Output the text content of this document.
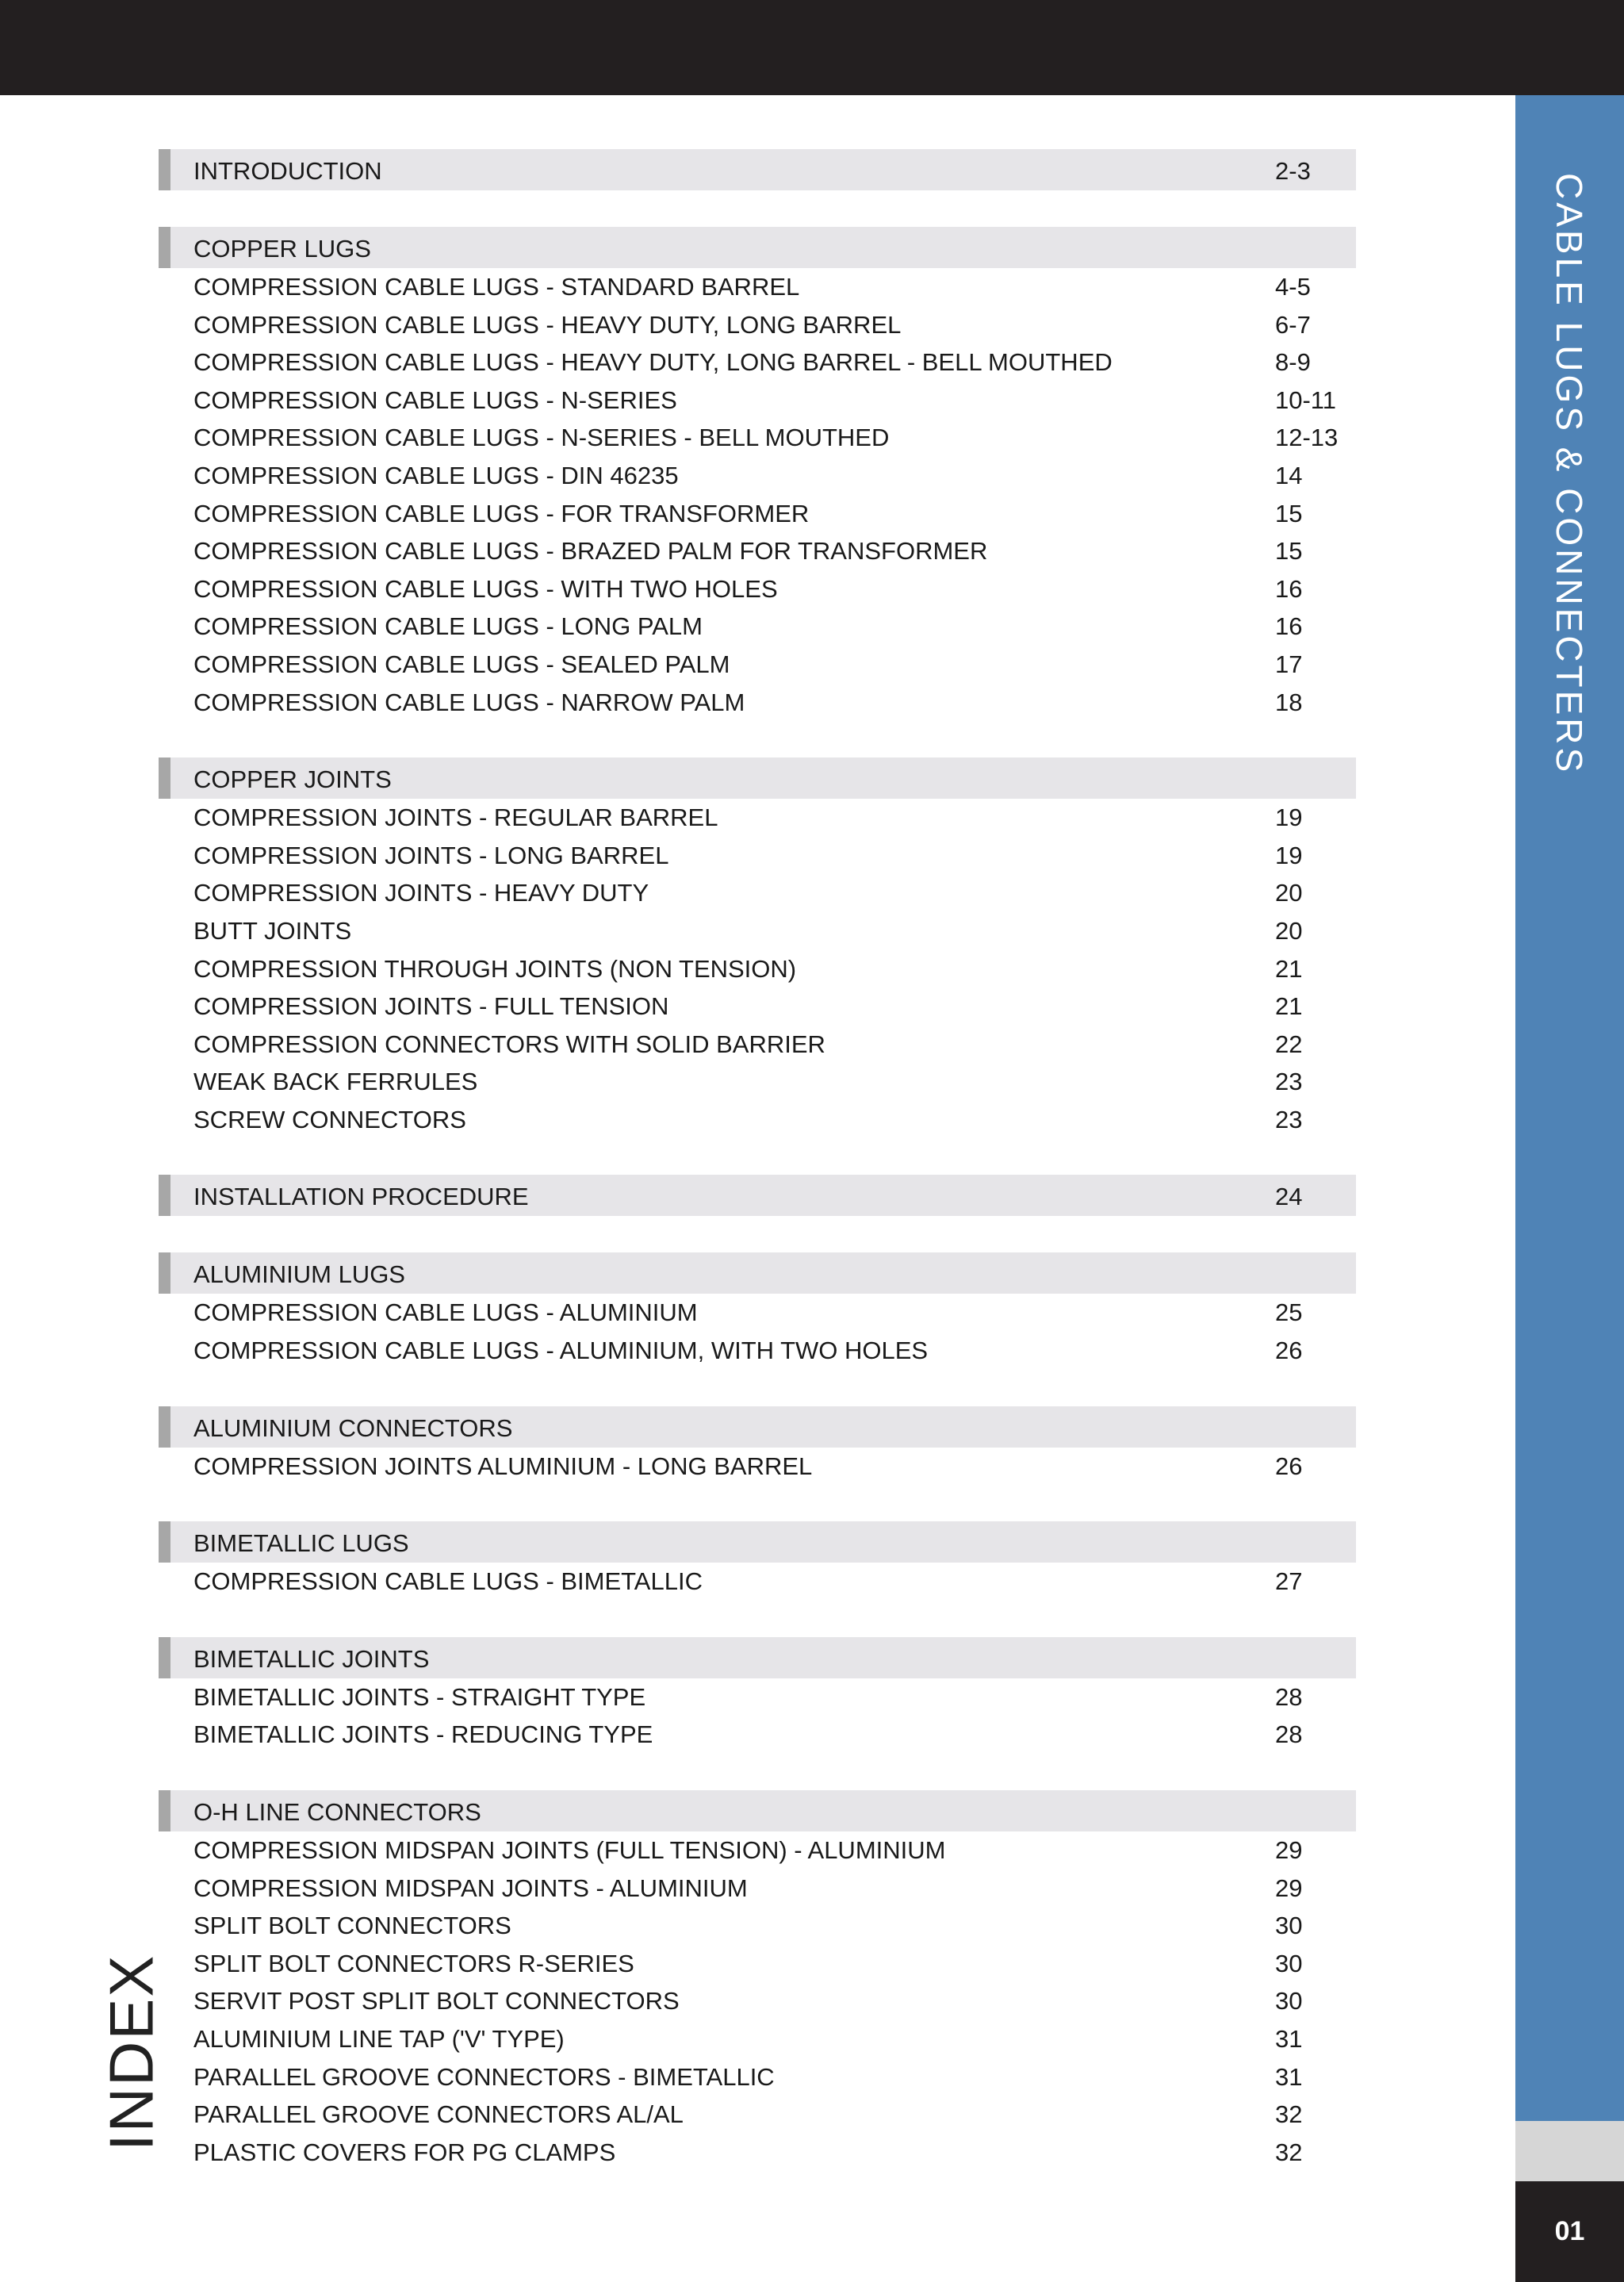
CABLE LUGS & CONNECTERS
01
INDEX
INTRODUCTION	2-3
COPPER LUGS
COMPRESSION CABLE LUGS - STANDARD BARREL	4-5
COMPRESSION CABLE LUGS - HEAVY DUTY, LONG BARREL	6-7
COMPRESSION CABLE LUGS - HEAVY DUTY, LONG BARREL - BELL MOUTHED	8-9
COMPRESSION CABLE LUGS - N-SERIES	10-11
COMPRESSION CABLE LUGS - N-SERIES - BELL MOUTHED	12-13
COMPRESSION CABLE LUGS - DIN 46235	14
COMPRESSION CABLE LUGS - FOR TRANSFORMER	15
COMPRESSION CABLE LUGS - BRAZED PALM FOR TRANSFORMER	15
COMPRESSION CABLE LUGS - WITH TWO HOLES	16
COMPRESSION CABLE LUGS - LONG PALM	16
COMPRESSION CABLE LUGS - SEALED PALM	17
COMPRESSION CABLE LUGS - NARROW PALM	18
COPPER JOINTS
COMPRESSION JOINTS - REGULAR BARREL	19
COMPRESSION JOINTS - LONG BARREL	19
COMPRESSION JOINTS - HEAVY DUTY	20
BUTT JOINTS	20
COMPRESSION THROUGH JOINTS (NON TENSION)	21
COMPRESSION JOINTS - FULL TENSION	21
COMPRESSION CONNECTORS WITH SOLID BARRIER	22
WEAK BACK FERRULES	23
SCREW CONNECTORS	23
INSTALLATION PROCEDURE	24
ALUMINIUM LUGS
COMPRESSION CABLE LUGS - ALUMINIUM	25
COMPRESSION CABLE LUGS - ALUMINIUM, WITH TWO HOLES	26
ALUMINIUM CONNECTORS
COMPRESSION JOINTS ALUMINIUM - LONG BARREL	26
BIMETALLIC LUGS
COMPRESSION CABLE LUGS - BIMETALLIC	27
BIMETALLIC JOINTS
BIMETALLIC JOINTS - STRAIGHT TYPE	28
BIMETALLIC JOINTS - REDUCING TYPE	28
O-H LINE CONNECTORS
COMPRESSION MIDSPAN JOINTS (FULL TENSION) - ALUMINIUM	29
COMPRESSION MIDSPAN JOINTS - ALUMINIUM	29
SPLIT BOLT CONNECTORS	30
SPLIT BOLT CONNECTORS R-SERIES	30
SERVIT POST SPLIT BOLT CONNECTORS	30
ALUMINIUM LINE TAP ('V' TYPE)	31
PARALLEL GROOVE CONNECTORS - BIMETALLIC	31
PARALLEL GROOVE CONNECTORS AL/AL	32
PLASTIC COVERS FOR PG CLAMPS	32
